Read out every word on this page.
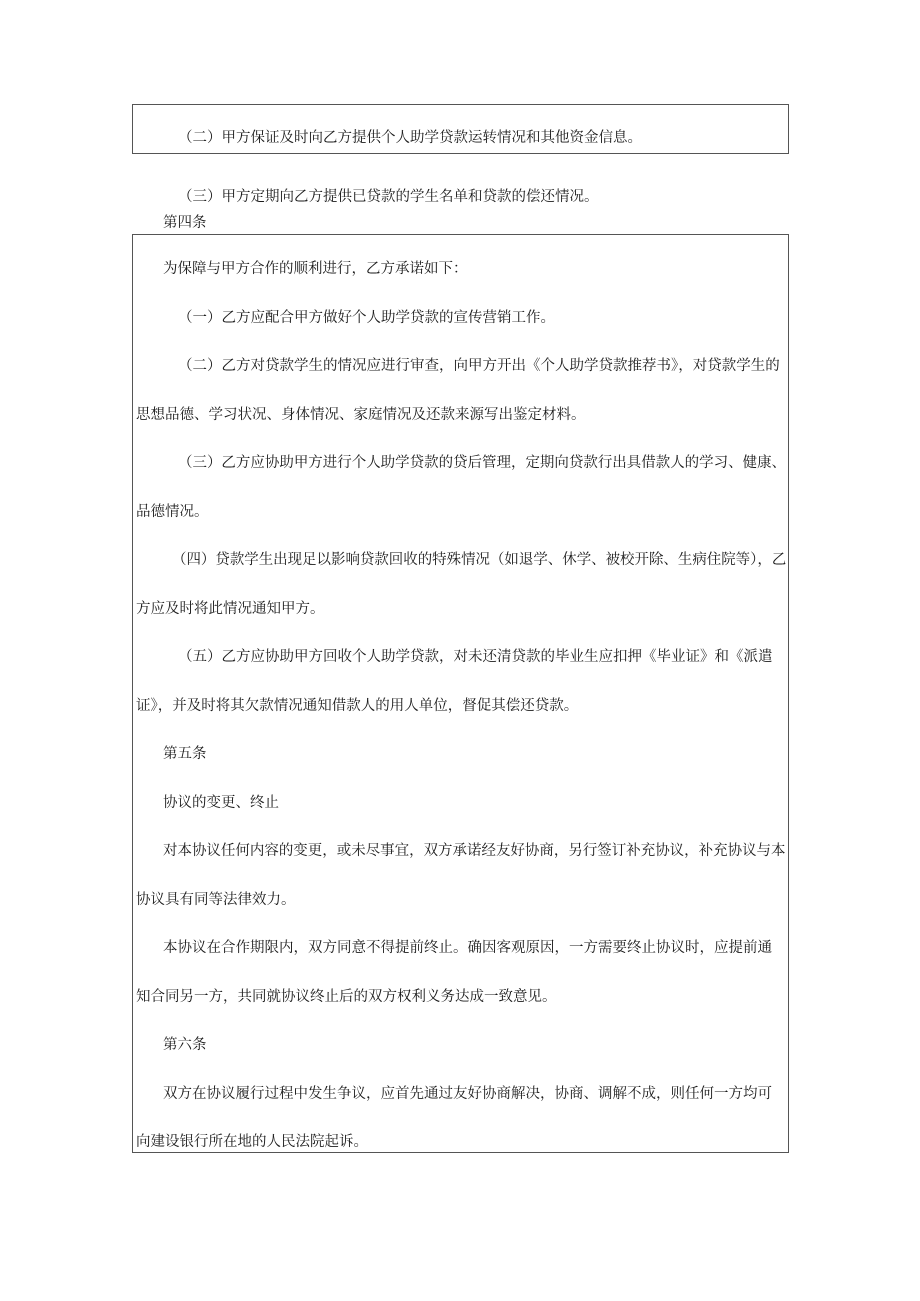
（二）甲方保证及时向乙方提供个人助学贷款运转情况和其他资金信息。
（三）甲方定期向乙方提供已贷款的学生名单和贷款的偿还情况。
第四条
为保障与甲方合作的顺利进行，乙方承诺如下：
（一）乙方应配合甲方做好个人助学贷款的宣传营销工作。
（二）乙方对贷款学生的情况应进行审查，向甲方开出《个人助学贷款推荐书》，对贷款学生的
思想品德、学习状况、身体情况、家庭情况及还款来源写出鉴定材料。
（三）乙方应协助甲方进行个人助学贷款的贷后管理，定期向贷款行出具借款人的学习、健康、
品德情况。
（四）贷款学生出现足以影响贷款回收的特殊情况（如退学、休学、被校开除、生病住院等），乙
方应及时将此情况通知甲方。
（五）乙方应协助甲方回收个人助学贷款，对未还清贷款的毕业生应扣押《毕业证》和《派遣
证》，并及时将其欠款情况通知借款人的用人单位，督促其偿还贷款。
第五条
协议的变更、终止
对本协议任何内容的变更，或未尽事宜，双方承诺经友好协商，另行签订补充协议，补充协议与本
协议具有同等法律效力。
本协议在合作期限内，双方同意不得提前终止。确因客观原因，一方需要终止协议时，应提前通
知合同另一方，共同就协议终止后的双方权利义务达成一致意见。
第六条
双方在协议履行过程中发生争议，应首先通过友好协商解决，协商、调解不成，则任何一方均可
向建设银行所在地的人民法院起诉。
